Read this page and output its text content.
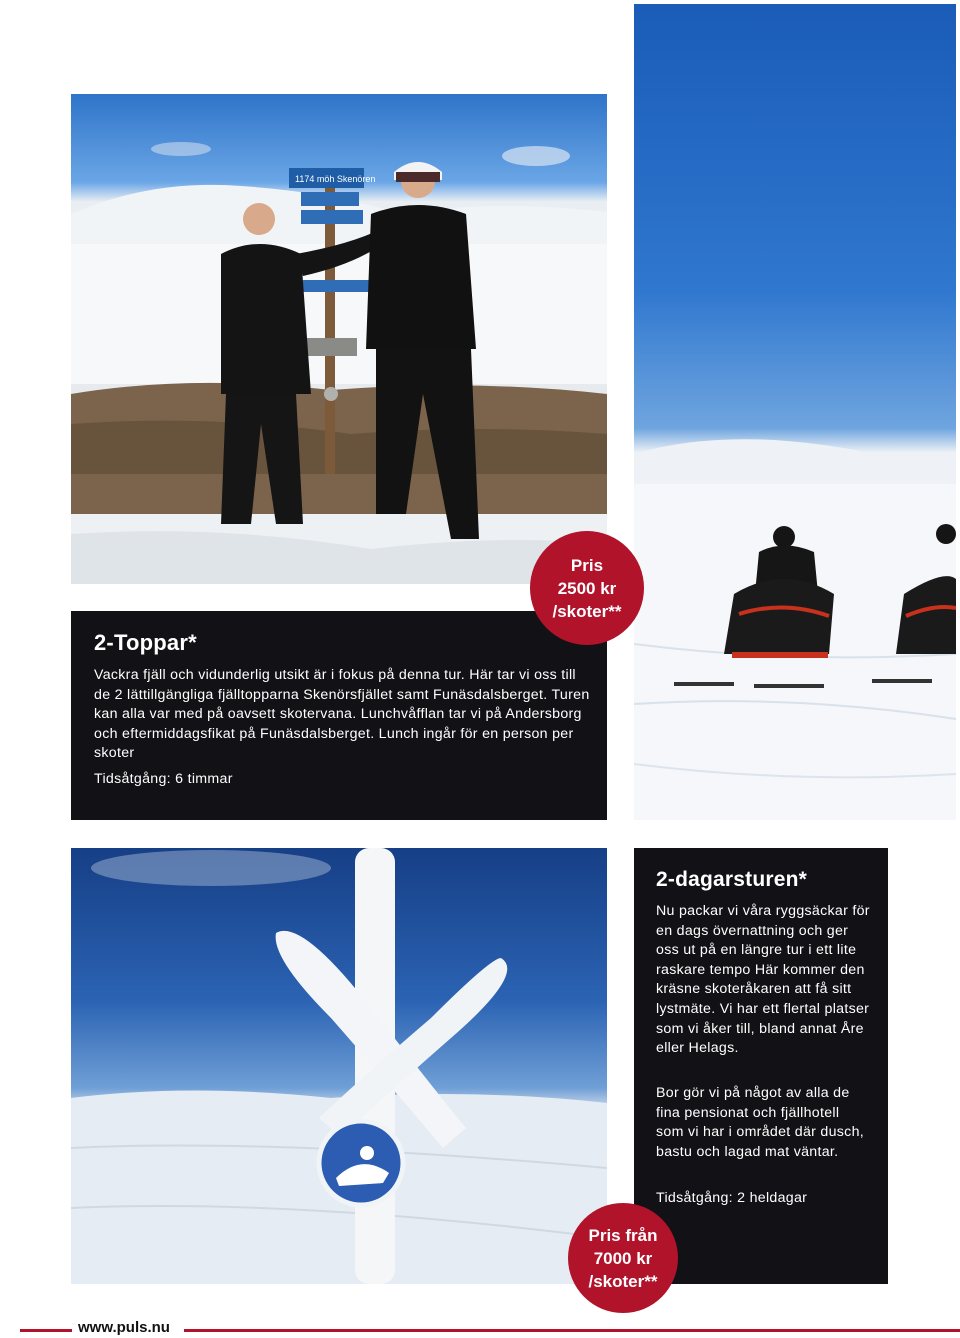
1174 möh Skenören
2-Toppar*

Vackra fjäll och vidunderlig utsikt är i fokus på denna tur. Här tar vi oss till de 2 lättillgängliga fjälltopparna Skenörsfjället samt Funäsdalsberget. Turen kan alla var med på oavsett skotervana. Lunchvåfflan tar vi på Andersborg och eftermiddagsfikat på Funäsdalsberget. Lunch ingår för en person per skoter

Tidsåtgång: 6 timmar
2-dagarsturen*

Nu packar vi våra ryggsäckar för en dags övernattning och ger oss ut på en längre tur i ett lite raskare tempo Här kommer den kräsne skoteråkaren att få sitt lystmäte. Vi har ett flertal platser som vi åker till, bland annat Åre eller Helags.

Bor gör vi på något av alla de fina pensionat och fjällhotell som vi har i området där dusch, bastu och lagad mat väntar.

Tidsåtgång: 2 heldagar
Pris
2500 kr
/skoter**
Pris från
7000 kr
/skoter**
www.puls.nu
